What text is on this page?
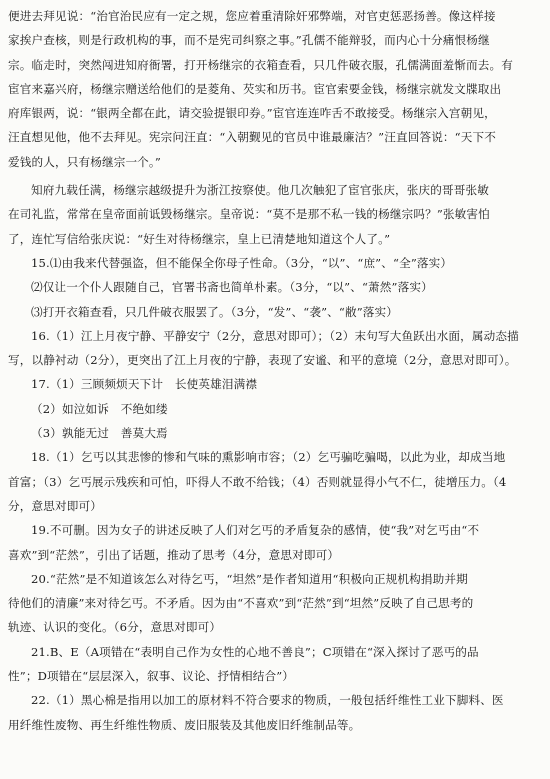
便进去拜见说：“治官治民应有一定之规，您应着重清除奸邪弊端，对官吏惩恶扬善。像这样接
家挨户查核，则是行政机构的事，而不是宪司纠察之事。”孔儒不能辩驳，而内心十分痛恨杨继
宗。临走时，突然闯进知府衙署，打开杨继宗的衣箱查看，只几件破衣服，孔儒满面羞惭而去。有
宦官来嘉兴府，杨继宗赠送给他们的是菱角、芡实和历书。宦官索要金钱，杨继宗就发文牒取出
府库银两，说：“银两全都在此，请交验提银印券。”宦官连连咋舌不敢接受。杨继宗入宫朝见，
汪直想见他，他不去拜见。宪宗问汪直：“入朝觐见的官员中谁最廉洁？”汪直回答说：“天下不
爱钱的人，只有杨继宗一个。”
知府九载任满，杨继宗越级提升为浙江按察使。他几次触犯了宦官张庆，张庆的哥哥张敏
在司礼监，常常在皇帝面前诋毁杨继宗。皇帝说：“莫不是那不私一钱的杨继宗吗？”张敏害怕
了，连忙写信给张庆说：“好生对待杨继宗，皇上已清楚地知道这个人了。”
15.⑴由我来代替强盗，但不能保全你母子性命。（3分，“以”、“庶”、“全”落实）
⑵仅让一个仆人跟随自己，官署书斋也简单朴素。（3分，“以”、“萧然”落实）
⑶打开衣箱查看，只几件破衣服罢了。（3分，“发”、“袭”、“敝”落实）
16.（1）江上月夜宁静、平静安宁（2分，意思对即可）；（2）末句写大鱼跃出水面，属动态描
写，以静衬动（2分），更突出了江上月夜的宁静，表现了安谧、和平的意境（2分，意思对即可）。
17.（1）三顾频烦天下计　长使英雄泪满襟
（2）如泣如诉　不绝如缕
（3）孰能无过　善莫大焉
18.（1）乞丐以其悲惨的惨和气味的熏影响市容；（2）乞丐骗吃骗喝，以此为业，却成当地
首富；（3）乞丐展示残疾和可怕，吓得人不敢不给钱；（4）否则就显得小气不仁，徒增压力。（4
分，意思对即可）
19.不可删。因为女子的讲述反映了人们对乞丐的矛盾复杂的感情，使“我”对乞丐由“不
喜欢”到“茫然”，引出了话题，推动了思考（4分，意思对即可）
20.“茫然”是不知道该怎么对待乞丐，“坦然”是作者知道用“积极向正规机构捐助并期
待他们的清廉”来对待乞丐。不矛盾。因为由“不喜欢”到“茫然”到“坦然”反映了自己思考的
轨迹、认识的变化。（6分，意思对即可）
21.B、E（A项错在“表明自己作为女性的心地不善良”；C项错在“深入探讨了恶丐的品
性”；D项错在“层层深入，叙事、议论、抒情相结合”）
22.（1）黑心棉是指用以加工的原材料不符合要求的物质，一般包括纤维性工业下脚料、医
用纤维性废物、再生纤维性物质、废旧服装及其他废旧纤维制品等。
